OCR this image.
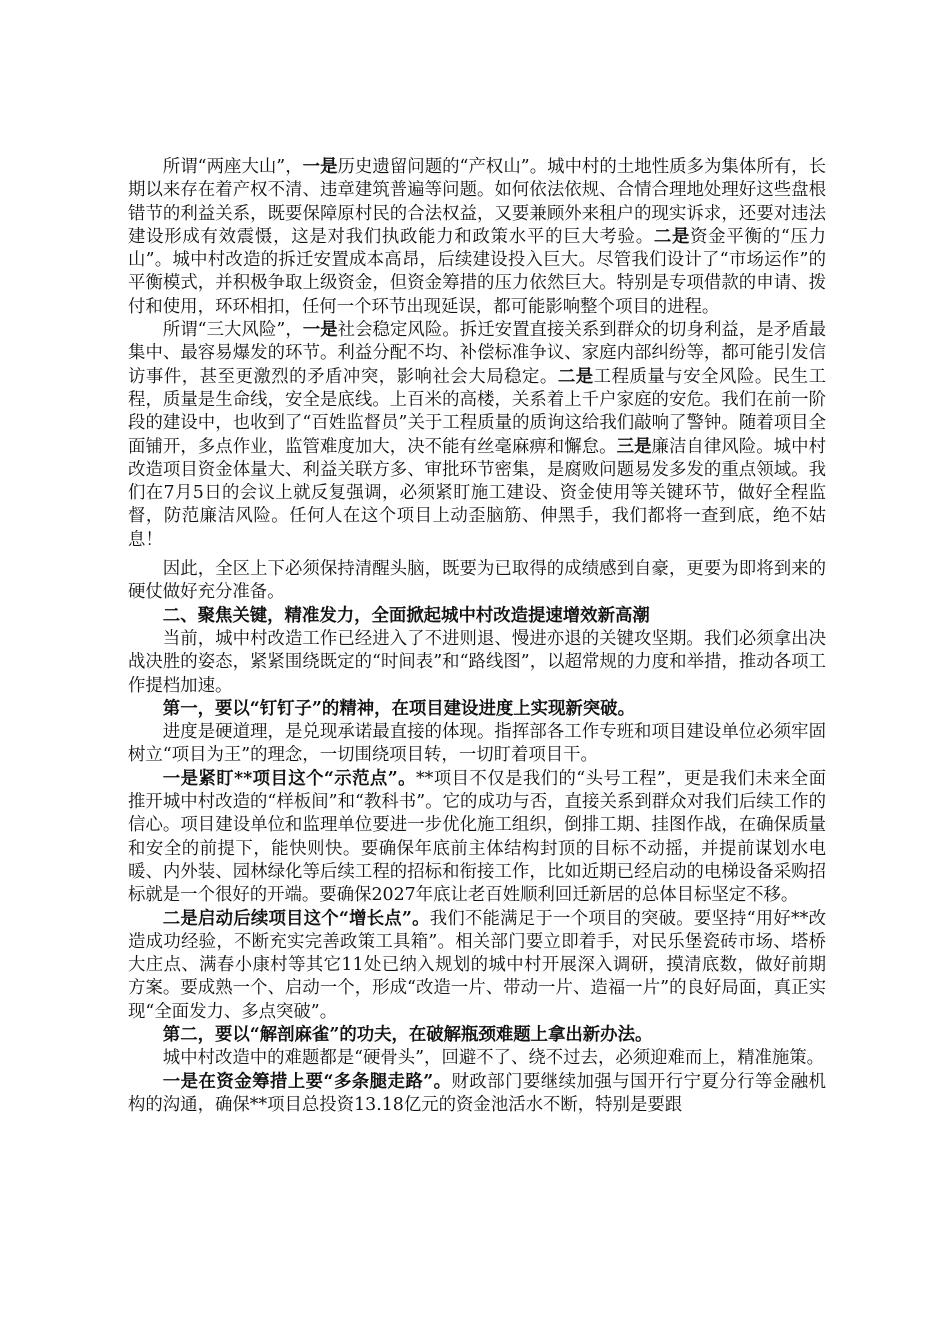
所谓“两座大山”，一是历史遗留问题的“产权山”。城中村的土地性质多为集体所有，长期以来存在着产权不清、违章建筑普遍等问题。如何依法依规、合情合理地处理好这些盘根错节的利益关系，既要保障原村民的合法权益，又要兼顾外来租户的现实诉求，还要对违法建设形成有效震慑，这是对我们执政能力和政策水平的巨大考验。二是资金平衡的“压力山”。城中村改造的拆迁安置成本高昂，后续建设投入巨大。尽管我们设计了“市场运作”的平衡模式，并积极争取上级资金，但资金筹措的压力依然巨大。特别是专项借款的申请、拨付和使用，环环相扣，任何一个环节出现延误，都可能影响整个项目的进程。

所谓“三大风险”，一是社会稳定风险。拆迁安置直接关系到群众的切身利益，是矛盾最集中、最容易爆发的环节。利益分配不均、补偿标准争议、家庭内部纠纷等，都可能引发信访事件，甚至更激烈的矛盾冲突，影响社会大局稳定。二是工程质量与安全风险。民生工程，质量是生命线，安全是底线。上百米的高楼，关系着上千户家庭的安危。我们在前一阶段的建设中，也收到了“百姓监督员”关于工程质量的质询这给我们敲响了警钟。随着项目全面铺开，多点作业，监管难度加大，决不能有丝毫麻痹和懈怠。三是廉洁自律风险。城中村改造项目资金体量大、利益关联方多、审批环节密集，是腐败问题易发多发的重点领域。我们在7月5日的会议上就反复强调，必须紧盯施工建设、资金使用等关键环节，做好全程监督，防范廉洁风险。任何人在这个项目上动歪脑筋、伸黑手，我们都将一查到底，绝不姑息！

因此，全区上下必须保持清醒头脑，既要为已取得的成绩感到自豪，更要为即将到来的硬仗做好充分准备。

二、聚焦关键，精准发力，全面掀起城中村改造提速增效新高潮

当前，城中村改造工作已经进入了不进则退、慢进亦退的关键攻坚期。我们必须拿出决战决胜的姿态，紧紧围绕既定的“时间表”和“路线图”，以超常规的力度和举措，推动各项工作提档加速。

第一，要以“钉钉子”的精神，在项目建设进度上实现新突破。

进度是硬道理，是兑现承诺最直接的体现。指挥部各工作专班和项目建设单位必须牢固树立“项目为王”的理念，一切围绕项目转，一切盯着项目干。

一是紧盯**项目这个“示范点”。**项目不仅是我们的“头号工程”，更是我们未来全面推开城中村改造的“样板间”和“教科书”。它的成功与否，直接关系到群众对我们后续工作的信心。项目建设单位和监理单位要进一步优化施工组织，倒排工期、挂图作战，在确保质量和安全的前提下，能快则快。要确保年底前主体结构封顶的目标不动摇，并提前谋划水电暖、内外装、园林绿化等后续工程的招标和衔接工作，比如近期已经启动的电梯设备采购招标就是一个很好的开端。要确保2027年底让老百姓顺利回迁新居的总体目标坚定不移。

二是启动后续项目这个“增长点”。我们不能满足于一个项目的突破。要坚持“用好**改造成功经验，不断充实完善政策工具箱”。相关部门要立即着手，对民乐堡瓷砖市场、塔桥大庄点、满春小康村等其它11处已纳入规划的城中村开展深入调研，摸清底数，做好前期方案。要成熟一个、启动一个，形成“改造一片、带动一片、造福一片”的良好局面，真正实现“全面发力、多点突破”。

第二，要以“解剖麻雀”的功夫，在破解瓶颈难题上拿出新办法。

城中村改造中的难题都是“硬骨头”，回避不了、绕不过去，必须迎难而上，精准施策。

一是在资金筹措上要“多条腿走路”。财政部门要继续加强与国开行宁夏分行等金融机构的沟通，确保**项目总投资13.18亿元的资金池活水不断，特别是要跟
